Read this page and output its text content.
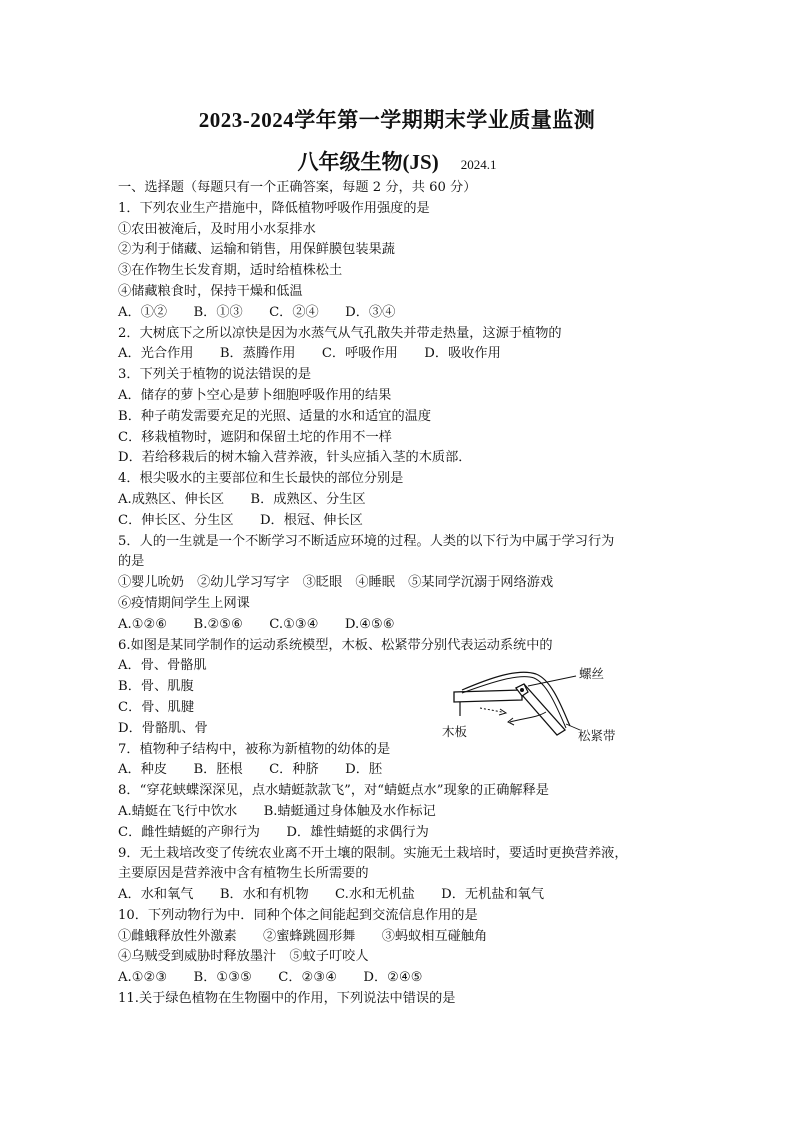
2023-2024学年第一学期期末学业质量监测
八年级生物(JS) 2024.1
一、选择题（每题只有一个正确答案，每题 2 分，共 60 分）
1．下列农业生产措施中，降低植物呼吸作用强度的是
①农田被淹后，及时用小水泵排水
②为利于储藏、运输和销售，用保鲜膜包装果蔬
③在作物生长发育期，适时给植株松土
④储藏粮食时，保持干燥和低温
A．①②　　B．①③　　C．②④　　D．③④
2．大树底下之所以凉快是因为水蒸气从气孔散失并带走热量，这源于植物的
A．光合作用　　B．蒸腾作用　　C．呼吸作用　　D．吸收作用
3．下列关于植物的说法错误的是
A．储存的萝卜空心是萝卜细胞呼吸作用的结果
B．种子萌发需要充足的光照、适量的水和适宜的温度
C．移栽植物时，遮阴和保留土坨的作用不一样
D．若给移栽后的树木输入营养液，针头应插入茎的木质部．
4．根尖吸水的主要部位和生长最快的部位分别是
A.成熟区、伸长区　　B．成熟区、分生区
C．伸长区、分生区　　D．根冠、伸长区
5．人的一生就是一个不断学习不断适应环境的过程。人类的以下行为中属于学习行为
的是
①婴儿吮奶　②幼儿学习写字　③眨眼　④睡眠　⑤某同学沉溺于网络游戏
⑥疫情期间学生上网课
A.①②⑥　　B.②⑤⑥　　C.①③④　　D.④⑤⑥
6.如图是某同学制作的运动系统模型，木板、松紧带分别代表运动系统中的
A．骨、骨骼肌
B．骨、肌腹
C．骨、肌腱
D．骨骼肌、骨
7．植物种子结构中，被称为新植物的幼体的是
A．种皮　　B．胚根　　C．种脐　　D．胚
8．“穿花蛱蝶深深见，点水蜻蜓款款飞”，对“蜻蜓点水”现象的正确解释是
A.蜻蜓在飞行中饮水　　B.蜻蜓通过身体触及水作标记
C．雌性蜻蜓的产卵行为　　D．雄性蜻蜓的求偶行为
9．无土栽培改变了传统农业离不开土壤的限制。实施无土栽培时，要适时更换营养液，
主要原因是营养液中含有植物生长所需要的
A．水和氧气　　B．水和有机物　　C.水和无机盐　　D．无机盐和氧气
10．下列动物行为中．同种个体之间能起到交流信息作用的是
①雌蛾释放性外激素　　②蜜蜂跳圆形舞　　③蚂蚁相互碰触角
④乌贼受到威胁时释放墨汁　⑤蚊子叮咬人
A.①②③　　B．①③⑤　　C．②③④　　D．②④⑤
11.关于绿色植物在生物圈中的作用，下列说法中错误的是
螺丝
木板	松紧带
